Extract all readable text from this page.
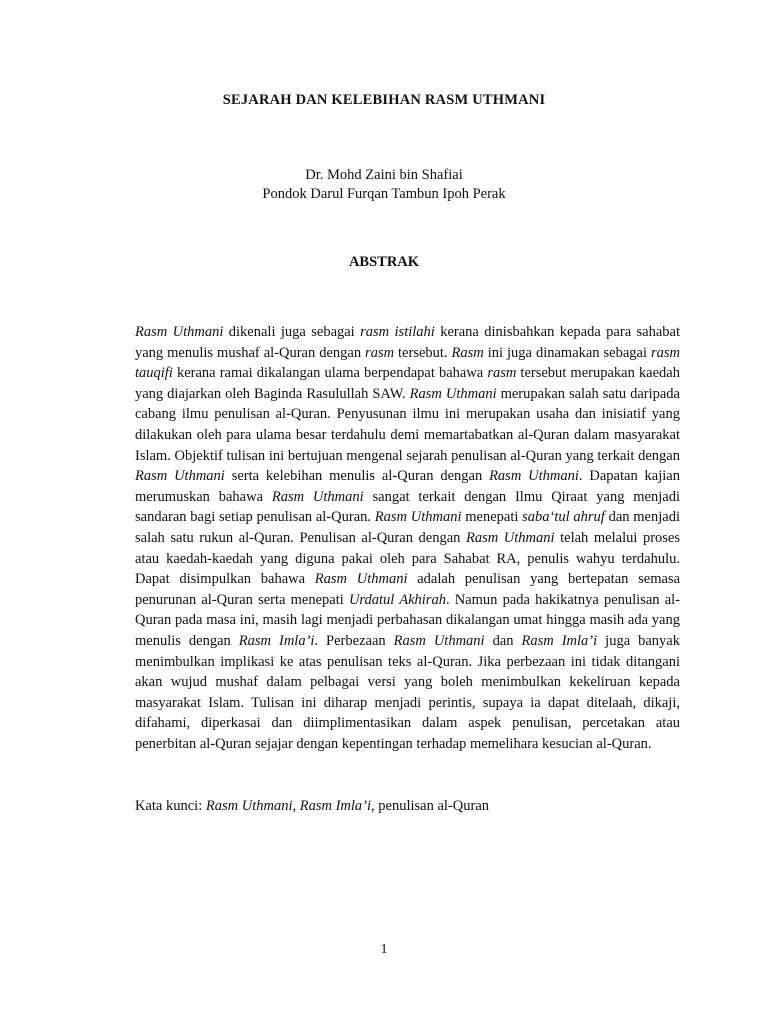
SEJARAH DAN KELEBIHAN RASM UTHMANI
Dr. Mohd Zaini bin Shafiai
Pondok Darul Furqan Tambun Ipoh Perak
ABSTRAK

Rasm Uthmani dikenali juga sebagai rasm istilahi kerana dinisbahkan kepada para sahabat yang menulis mushaf al-Quran dengan rasm tersebut. Rasm ini juga dinamakan sebagai rasm tauqifi kerana ramai dikalangan ulama berpendapat bahawa rasm tersebut merupakan kaedah yang diajarkan oleh Baginda Rasulullah SAW. Rasm Uthmani merupakan salah satu daripada cabang ilmu penulisan al-Quran. Penyusunan ilmu ini merupakan usaha dan inisiatif yang dilakukan oleh para ulama besar terdahulu demi memartabatkan al-Quran dalam masyarakat Islam. Objektif tulisan ini bertujuan mengenal sejarah penulisan al-Quran yang terkait dengan Rasm Uthmani serta kelebihan menulis al-Quran dengan Rasm Uthmani. Dapatan kajian merumuskan bahawa Rasm Uthmani sangat terkait dengan Ilmu Qiraat yang menjadi sandaran bagi setiap penulisan al-Quran. Rasm Uthmani menepati saba‘tul ahruf dan menjadi salah satu rukun al-Quran. Penulisan al-Quran dengan Rasm Uthmani telah melalui proses atau kaedah-kaedah yang diguna pakai oleh para Sahabat RA, penulis wahyu terdahulu. Dapat disimpulkan bahawa Rasm Uthmani adalah penulisan yang bertepatan semasa penurunan al-Quran serta menepati Urdatul Akhirah. Namun pada hakikatnya penulisan al-Quran pada masa ini, masih lagi menjadi perbahasan dikalangan umat hingga masih ada yang menulis dengan Rasm Imla’i. Perbezaan Rasm Uthmani dan Rasm Imla’i juga banyak menimbulkan implikasi ke atas penulisan teks al-Quran. Jika perbezaan ini tidak ditangani akan wujud mushaf dalam pelbagai versi yang boleh menimbulkan kekeliruan kepada masyarakat Islam. Tulisan ini diharap menjadi perintis, supaya ia dapat ditelaah, dikaji, difahami, diperkasai dan diimplimentasikan dalam aspek penulisan, percetakan atau penerbitan al-Quran sejajar dengan kepentingan terhadap memelihara kesucian al-Quran.

Kata kunci: Rasm Uthmani, Rasm Imla’i, penulisan al-Quran

1
